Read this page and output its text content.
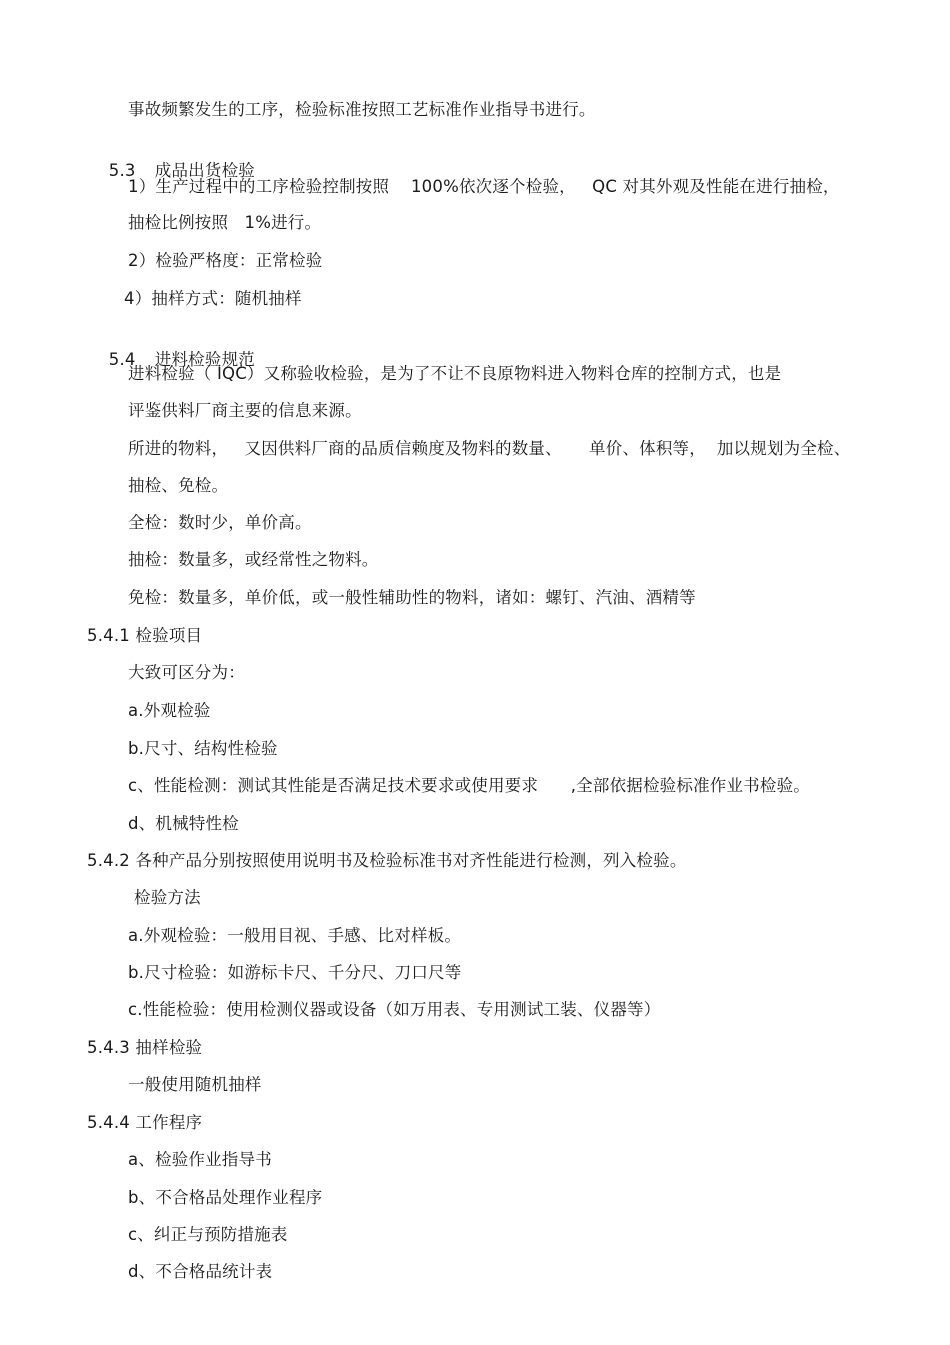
事故频繁发生的工序，检验标准按照工艺标准作业指导书进行。

5.3 成品出货检验

1）生产过程中的工序检验控制按照    100%依次逐个检验，   QC 对其外观及性能在进行抽检，
抽检比例按照   1%进行。
2）检验严格度：正常检验
4）抽样方式：随机抽样

5.4 进料检验规范

进料检验（ IQC）又称验收检验，是为了不让不良原物料进入物料仓库的控制方式，也是
评鉴供料厂商主要的信息来源。
所进的物料，   又因供料厂商的品质信赖度及物料的数量、     单价、体积等，  加以规划为全检、
抽检、免检。
全检：数时少，单价高。
抽检：数量多，或经常性之物料。
免检：数量多，单价低，或一般性辅助性的物料，诸如：螺钉、汽油、酒精等
5.4.1 检验项目
大致可区分为：
a.外观检验
b.尺寸、结构性检验
c、性能检测：测试其性能是否满足技术要求或使用要求      ,全部依据检验标准作业书检验。
d、机械特性检
5.4.2 各种产品分别按照使用说明书及检验标准书对齐性能进行检测，列入检验。
检验方法
a.外观检验：一般用目视、手感、比对样板。
b.尺寸检验：如游标卡尺、千分尺、刀口尺等
c.性能检验：使用检测仪器或设备（如万用表、专用测试工装、仪器等）
5.4.3 抽样检验
一般使用随机抽样
5.4.4 工作程序
a、检验作业指导书
b、不合格品处理作业程序
c、纠正与预防措施表
d、不合格品统计表
